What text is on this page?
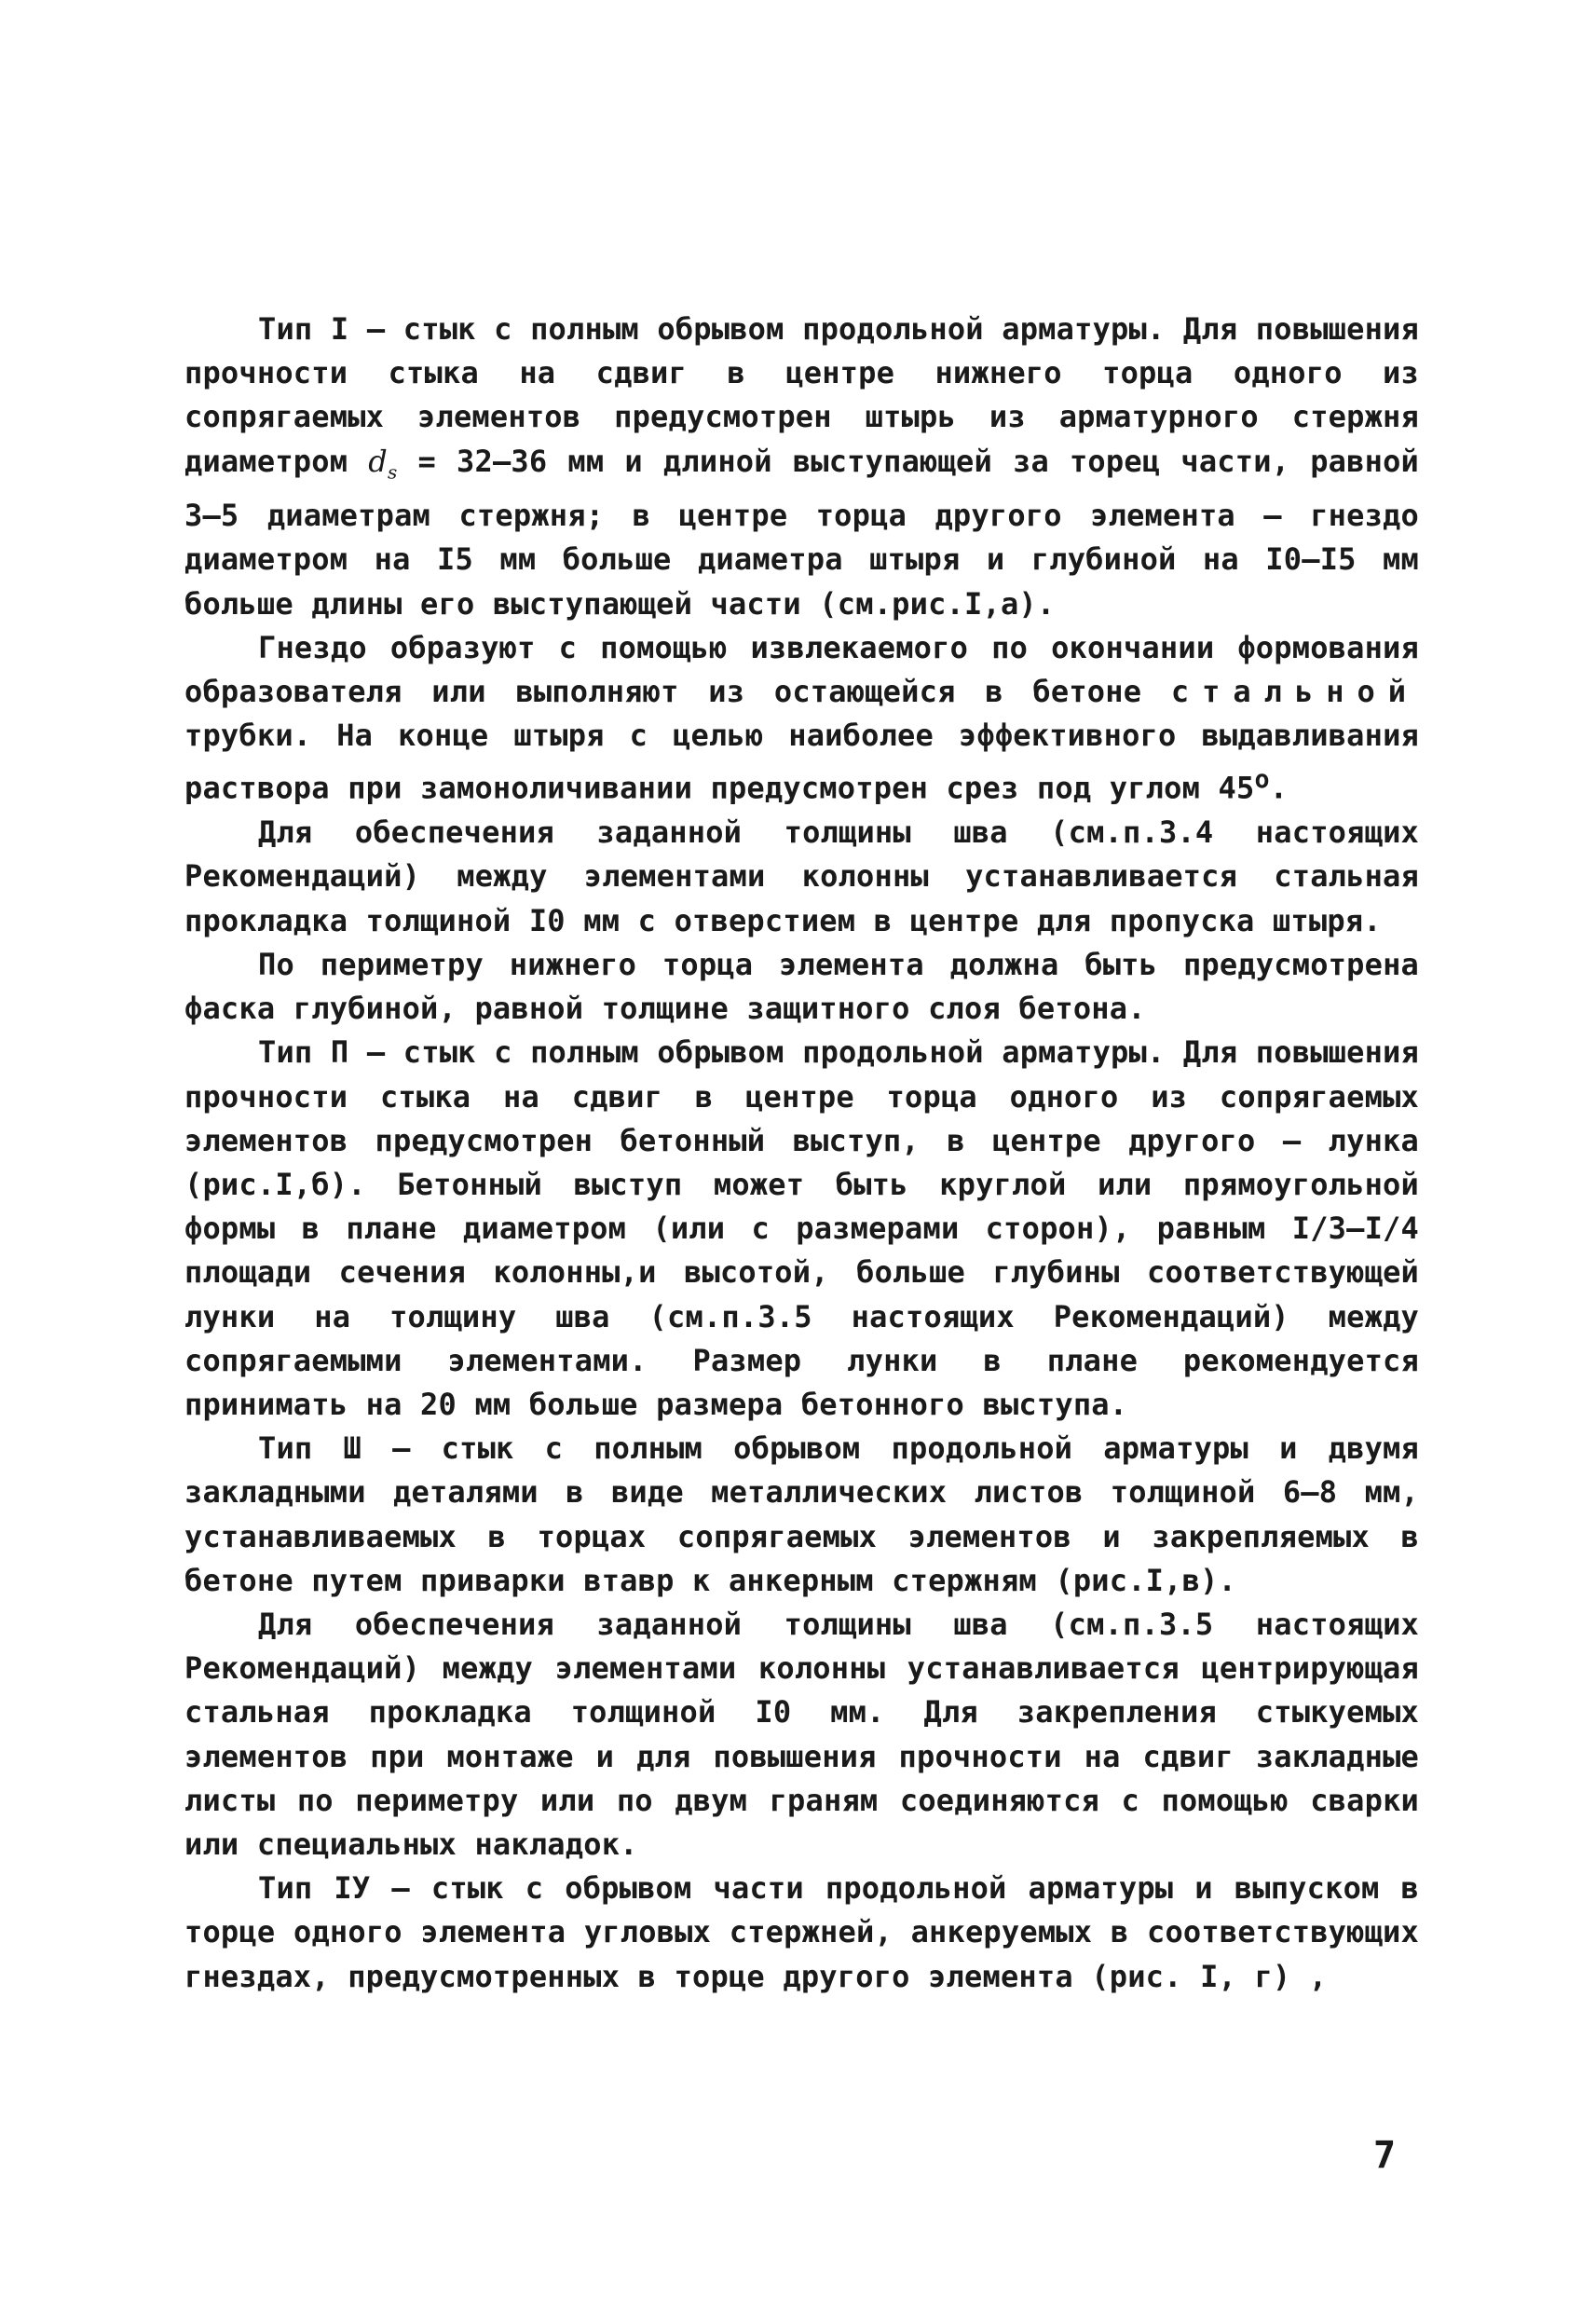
Тип I – стык с полным обрывом продольной арматуры. Для повышения прочности стыка на сдвиг в центре нижнего торца одного из сопрягаемых элементов предусмотрен штырь из арматурного стержня диаметром $d_s = 32-36$ мм и длиной выступающей за торец части, равной 3–5 диаметрам стержня; в центре торца другого элемента – гнездо диаметром на I5 мм больше диаметра штыря и глубиной на I0–I5 мм больше длины его выступающей части (см.рис.I,а).

Гнездо образуют с помощью извлекаемого по окончании формования образователя или выполняют из остающейся в бетоне стальной трубки. На конце штыря с целью наиболее эффективного выдавливания раствора при замоноличивании предусмотрен срез под углом $45^о$.

Для обеспечения заданной толщины шва (см.п.3.4 настоящих Рекомендаций) между элементами колонны устанавливается стальная прокладка толщиной I0 мм с отверстием в центре для пропуска штыря.

По периметру нижнего торца элемента должна быть предусмотрена фаска глубиной, равной толщине защитного слоя бетона.

Тип П – стык с полным обрывом продольной арматуры. Для повышения прочности стыка на сдвиг в центре торца одного из сопрягаемых элементов предусмотрен бетонный выступ, в центре другого – лунка (рис.I,б). Бетонный выступ может быть круглой или прямоугольной формы в плане диаметром (или с размерами сторон), равным I/3–I/4 площади сечения колонны,и высотой, больше глубины соответствующей лунки на толщину шва (см.п.3.5 настоящих Рекомендаций) между сопрягаемыми элементами. Размер лунки в плане рекомендуется принимать на 20 мм больше размера бетонного выступа.

Тип Ш – стык с полным обрывом продольной арматуры и двумя закладными деталями в виде металлических листов толщиной 6–8 мм, устанавливаемых в торцах сопрягаемых элементов и закрепляемых в бетоне путем приварки втавр к анкерным стержням (рис.I,в).

Для обеспечения заданной толщины шва (см.п.3.5 настоящих Рекомендаций) между элементами колонны устанавливается центрирующая стальная прокладка толщиной I0 мм. Для закрепления стыкуемых элементов при монтаже и для повышения прочности на сдвиг закладные листы по периметру или по двум граням соединяются с помощью сварки или специальных накладок.

Тип IУ – стык с обрывом части продольной арматуры и выпуском в торце одного элемента угловых стержней, анкеруемых в соответствующих гнездах, предусмотренных в торце другого элемента (рис. I, г) ,

7
